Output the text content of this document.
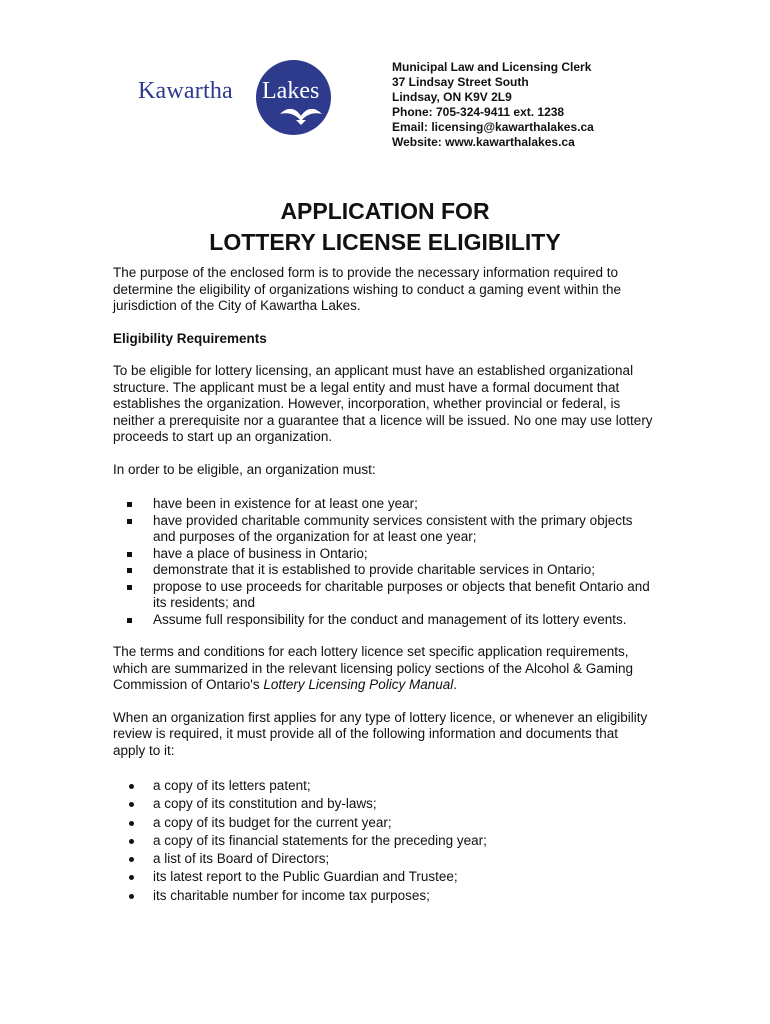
Kawartha Lakes
Municipal Law and Licensing Clerk
37 Lindsay Street South
Lindsay, ON K9V 2L9
Phone: 705-324-9411 ext. 1238
Email: licensing@kawarthalakes.ca
Website: www.kawarthalakes.ca
APPLICATION FOR
LOTTERY LICENSE ELIGIBILITY

The purpose of the enclosed form is to provide the necessary information required to determine the eligibility of organizations wishing to conduct a gaming event within the jurisdiction of the City of Kawartha Lakes.

Eligibility Requirements

To be eligible for lottery licensing, an applicant must have an established organizational structure. The applicant must be a legal entity and must have a formal document that establishes the organization. However, incorporation, whether provincial or federal, is neither a prerequisite nor a guarantee that a licence will be issued. No one may use lottery proceeds to start up an organization.

In order to be eligible, an organization must:

have been in existence for at least one year;
have provided charitable community services consistent with the primary objects and purposes of the organization for at least one year;
have a place of business in Ontario;
demonstrate that it is established to provide charitable services in Ontario;
propose to use proceeds for charitable purposes or objects that benefit Ontario and its residents; and
Assume full responsibility for the conduct and management of its lottery events.

The terms and conditions for each lottery licence set specific application requirements, which are summarized in the relevant licensing policy sections of the Alcohol & Gaming Commission of Ontario's Lottery Licensing Policy Manual.

When an organization first applies for any type of lottery licence, or whenever an eligibility review is required, it must provide all of the following information and documents that apply to it:

a copy of its letters patent;
a copy of its constitution and by-laws;
a copy of its budget for the current year;
a copy of its financial statements for the preceding year;
a list of its Board of Directors;
its latest report to the Public Guardian and Trustee;
its charitable number for income tax purposes;
